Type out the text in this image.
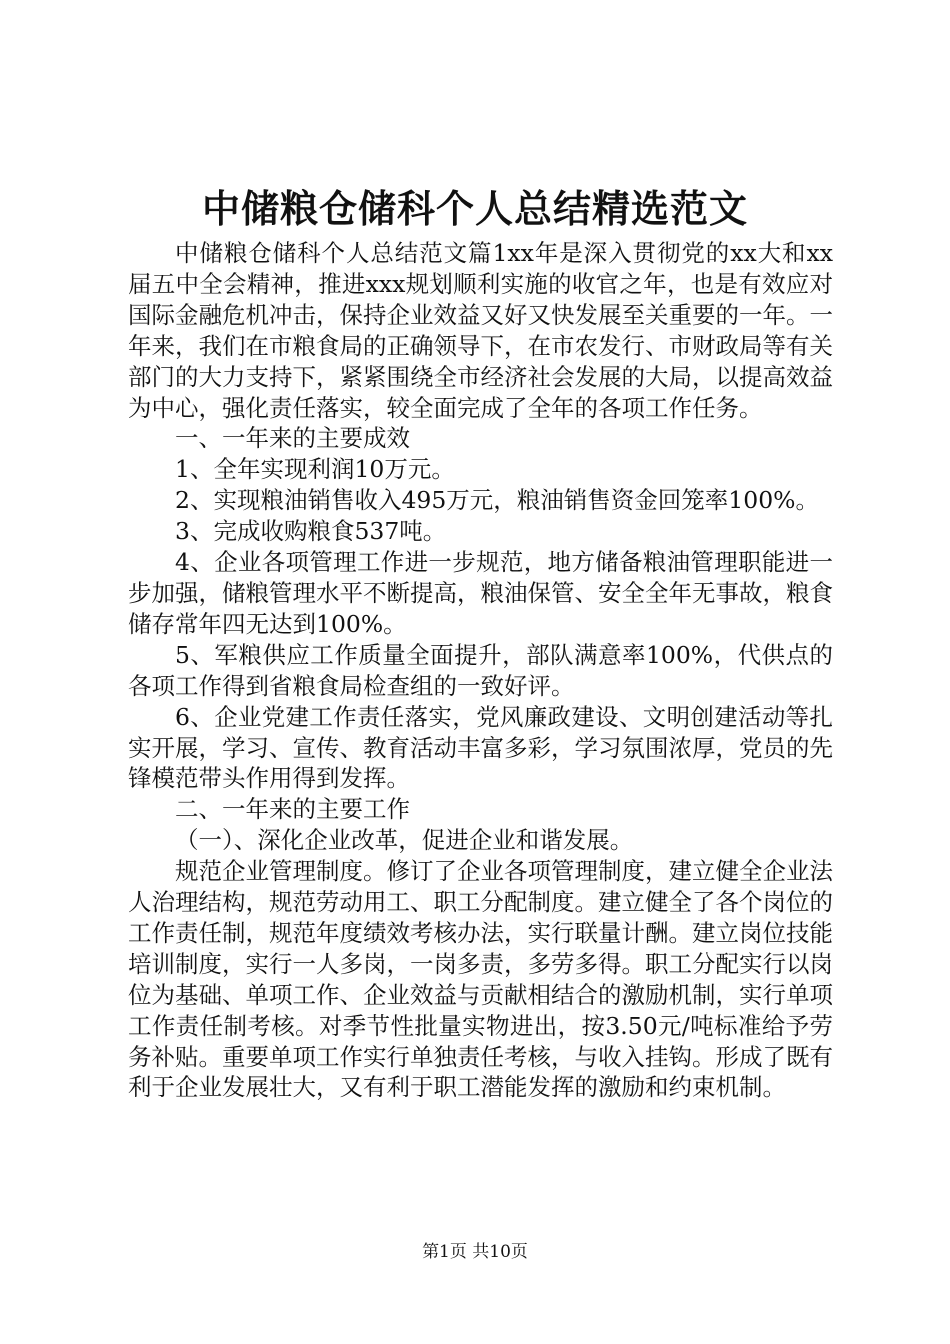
中储粮仓储科个人总结精选范文

中储粮仓储科个人总结范文篇1xx年是深入贯彻党的xx大和xx届五中全会精神，推进xxx规划顺利实施的收官之年，也是有效应对国际金融危机冲击，保持企业效益又好又快发展至关重要的一年。一年来，我们在市粮食局的正确领导下，在市农发行、市财政局等有关部门的大力支持下，紧紧围绕全市经济社会发展的大局，以提高效益为中心，强化责任落实，较全面完成了全年的各项工作任务。

一、一年来的主要成效

1、全年实现利润10万元。

2、实现粮油销售收入495万元，粮油销售资金回笼率100%。

3、完成收购粮食537吨。

4、企业各项管理工作进一步规范，地方储备粮油管理职能进一步加强，储粮管理水平不断提高，粮油保管、安全全年无事故，粮食储存常年四无达到100%。

5、军粮供应工作质量全面提升，部队满意率100%，代供点的各项工作得到省粮食局检查组的一致好评。

6、企业党建工作责任落实，党风廉政建设、文明创建活动等扎实开展，学习、宣传、教育活动丰富多彩，学习氛围浓厚，党员的先锋模范带头作用得到发挥。

二、一年来的主要工作

（一）、深化企业改革，促进企业和谐发展。

规范企业管理制度。修订了企业各项管理制度，建立健全企业法人治理结构，规范劳动用工、职工分配制度。建立健全了各个岗位的工作责任制，规范年度绩效考核办法，实行联量计酬。建立岗位技能培训制度，实行一人多岗，一岗多责，多劳多得。职工分配实行以岗位为基础、单项工作、企业效益与贡献相结合的激励机制，实行单项工作责任制考核。对季节性批量实物进出，按3.50元/吨标准给予劳务补贴。重要单项工作实行单独责任考核，与收入挂钩。形成了既有利于企业发展壮大，又有利于职工潜能发挥的激励和约束机制。

第1页 共10页
